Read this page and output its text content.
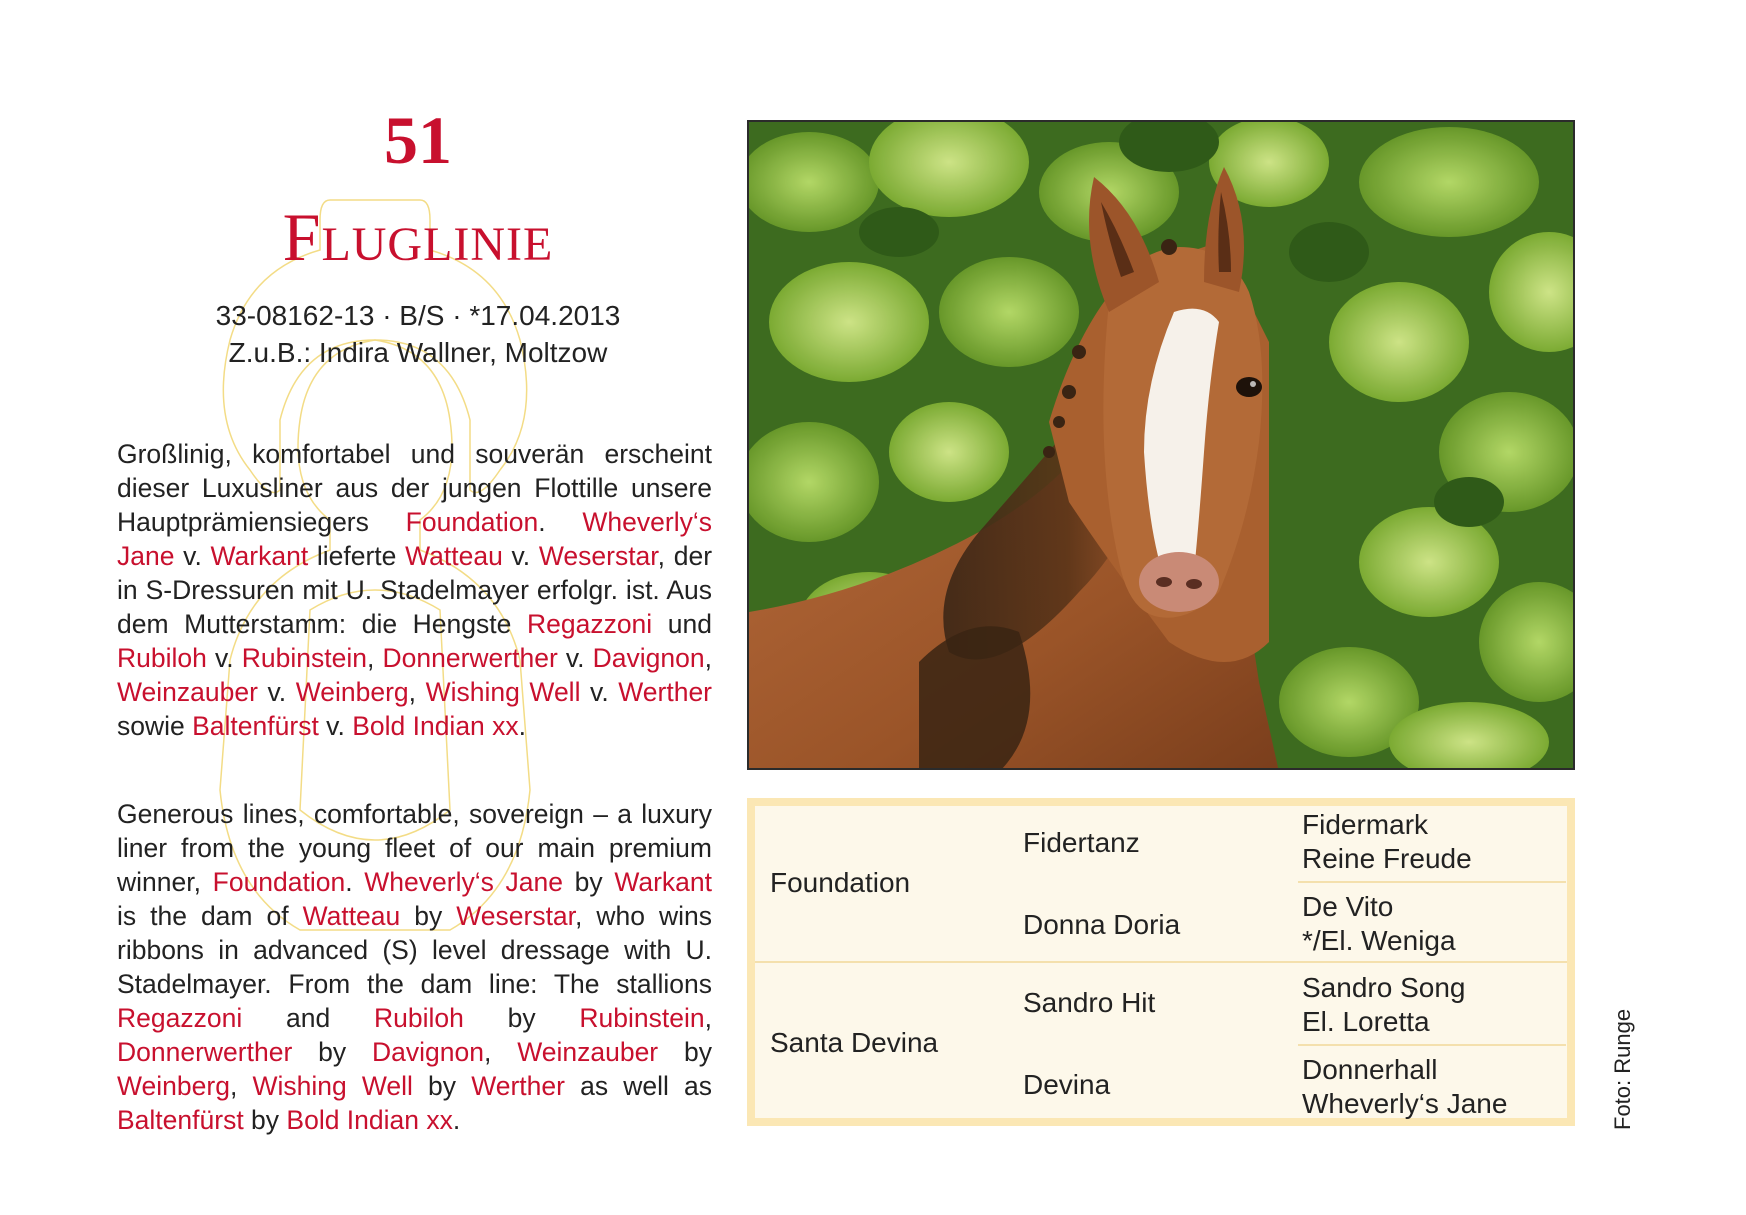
51
Fluglinie
33-08162-13 · B/S · *17.04.2013
Z.u.B.: Indira Wallner, Moltzow
Großlinig, komfortabel und souverän erscheint dieser Luxusliner aus der jungen Flottille unsere Hauptprämiensiegers Foundation. Wheverly‘s Jane v. Warkant lieferte Watteau v. Weserstar, der in S-Dressuren mit U. Stadelmayer erfolgr. ist. Aus dem Mutterstamm: die Hengste Regazzoni und Rubiloh v. Rubinstein, Donnerwerther v. Davignon, Weinzauber v. Weinberg, Wishing Well v. Werther sowie Baltenfürst v. Bold Indian xx.
Generous lines, comfortable, sovereign – a luxury liner from the young fleet of our main premium winner, Foundation. Wheverly‘s Jane by Warkant is the dam of Watteau by Weserstar, who wins ribbons in advanced (S) level dressage with U. Stadelmayer. From the dam line: The stallions Regazzoni and Rubiloh by Rubinstein, Donnerwerther by Davignon, Weinzauber by Weinberg, Wishing Well by Werther as well as Baltenfürst by Bold Indian xx.
Foundation
Santa Devina
Fidertanz
Donna Doria
Sandro Hit
Devina
Fidermark
Reine Freude
De Vito
*/El. Weniga
Sandro Song
El. Loretta
Donnerhall
Wheverly‘s Jane	Foto: Runge
